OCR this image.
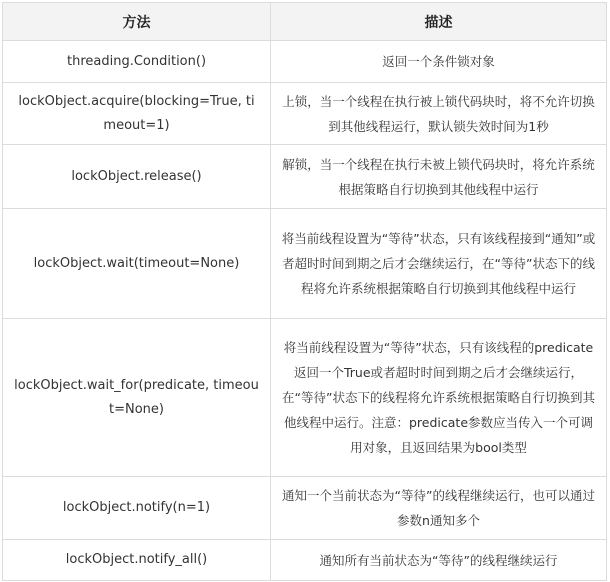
方法	描述
threading.Condition()	返回一个条件锁对象
lockObject.acquire(blocking=True, timeout=1)	上锁，当一个线程在执行被上锁代码块时，将不允许切换到其他线程运行，默认锁失效时间为1秒
lockObject.release()	解锁，当一个线程在执行未被上锁代码块时，将允许系统根据策略自行切换到其他线程中运行
lockObject.wait(timeout=None)	将当前线程设置为“等待”状态，只有该线程接到“通知”或者超时时间到期之后才会继续运行，在“等待”状态下的线程将允许系统根据策略自行切换到其他线程中运行
lockObject.wait_for(predicate, timeout=None)	将当前线程设置为“等待”状态，只有该线程的predicate返回一个True或者超时时间到期之后才会继续运行，在“等待”状态下的线程将允许系统根据策略自行切换到其他线程中运行。注意：predicate参数应当传入一个可调用对象，且返回结果为bool类型
lockObject.notify(n=1)	通知一个当前状态为“等待”的线程继续运行，也可以通过参数n通知多个
lockObject.notify_all()	通知所有当前状态为“等待”的线程继续运行
